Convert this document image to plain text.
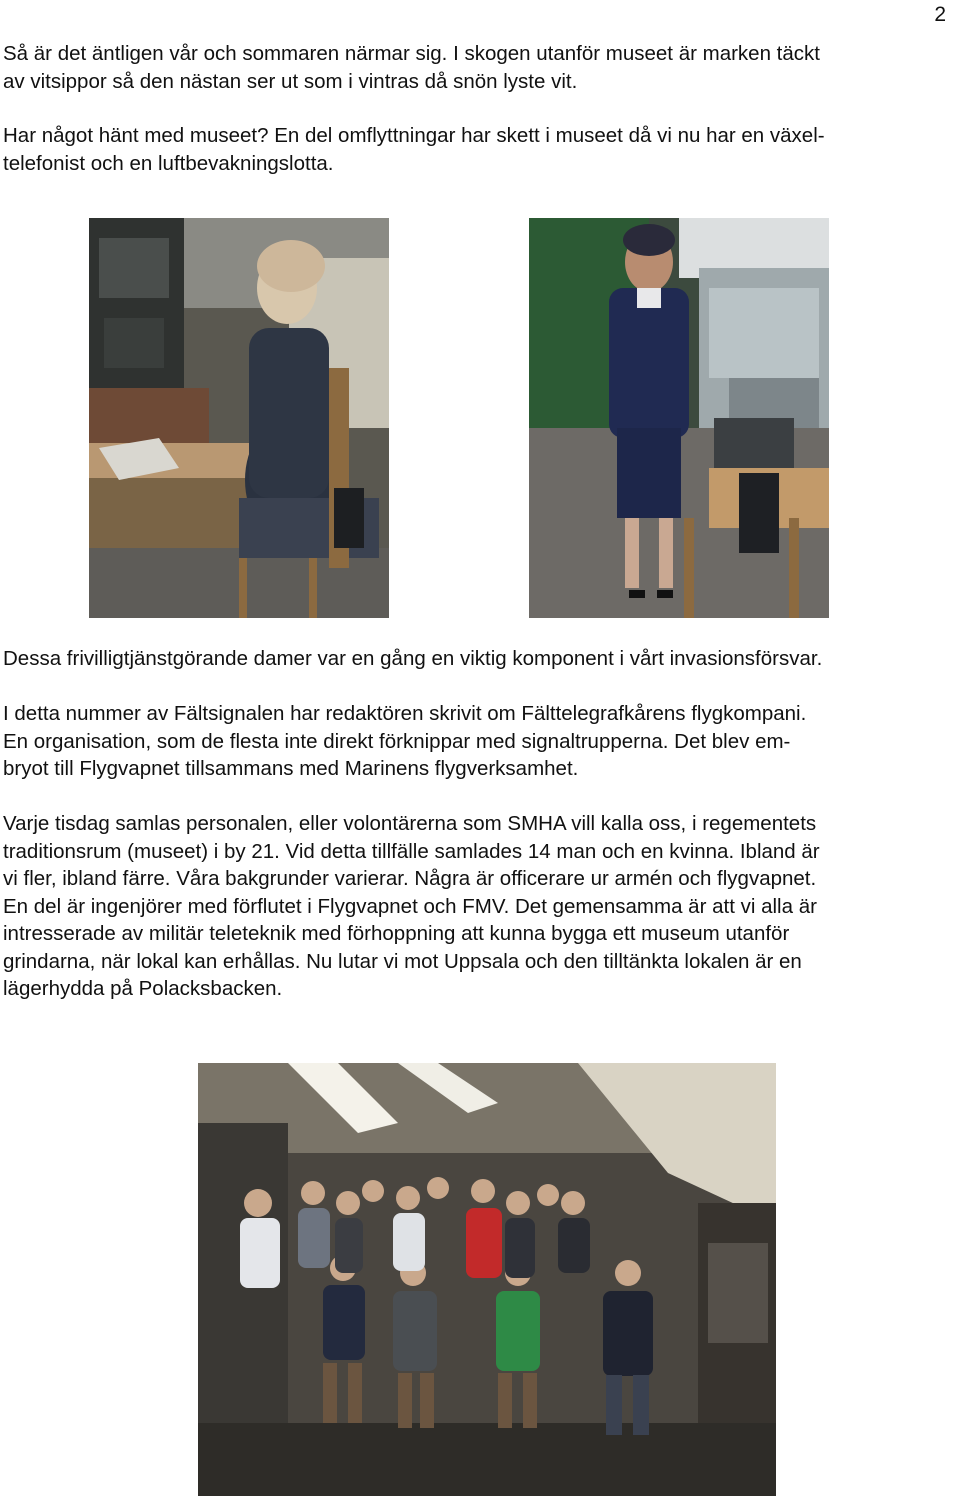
2
Så är det äntligen vår och sommaren närmar sig. I skogen utanför museet är marken täckt
av vitsippor så den nästan ser ut som i vintras då snön lyste vit.
Har något hänt med museet? En del omflyttningar har skett i museet då vi nu har en växel-
telefonist och en luftbevakningslotta.
Dessa frivilligtjänstgörande damer var en gång en viktig komponent i vårt invasionsförsvar.
I detta nummer av Fältsignalen har redaktören skrivit om Fälttelegrafkårens flygkompani.
En organisation, som de flesta inte direkt förknippar med signaltrupperna. Det blev em-
bryot till Flygvapnet tillsammans med Marinens flygverksamhet.
Varje tisdag samlas personalen, eller volontärerna som SMHA vill kalla oss, i regementets
traditionsrum (museet) i by 21. Vid detta tillfälle samlades 14 man och en kvinna. Ibland är
vi fler, ibland färre. Våra bakgrunder varierar. Några är officerare ur armén och flygvapnet.
En del är ingenjörer med förflutet i Flygvapnet och FMV. Det gemensamma är att vi alla är
intresserade av militär teleteknik med förhoppning att kunna bygga ett museum utanför
grindarna, när lokal kan erhållas. Nu lutar vi mot Uppsala och den tilltänkta lokalen är en
lägerhydda på Polacksbacken.
